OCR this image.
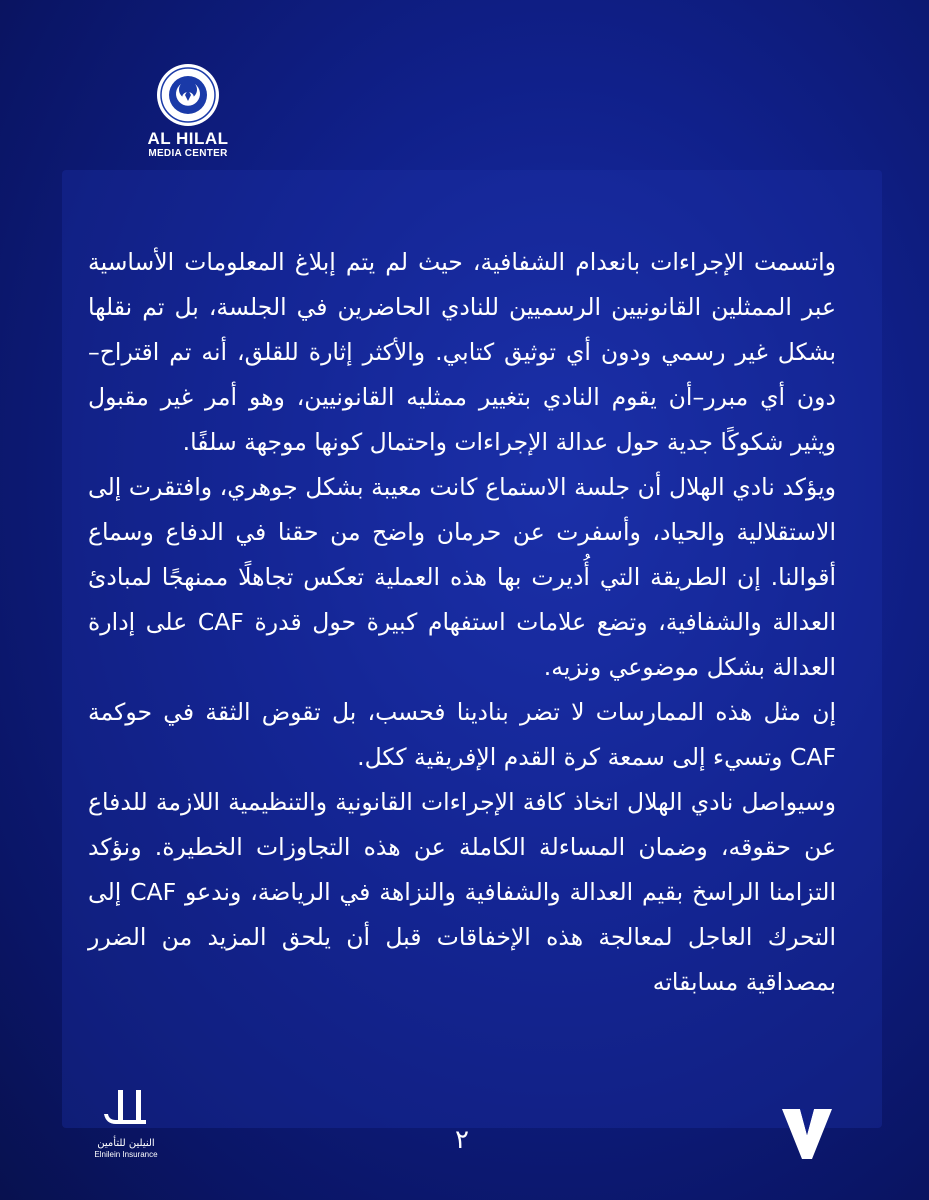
AL HILAL
MEDIA CENTER

واتسمت الإجراءات بانعدام الشفافية، حيث لم يتم إبلاغ المعلومات الأساسية عبر الممثلين القانونيين الرسميين للنادي الحاضرين في الجلسة، بل تم نقلها بشكل غير رسمي ودون أي توثيق كتابي. والأكثر إثارة للقلق، أنه تم اقتراح–دون أي مبرر–أن يقوم النادي بتغيير ممثليه القانونيين، وهو أمر غير مقبول ويثير شكوكًا جدية حول عدالة الإجراءات واحتمال كونها موجهة سلفًا.

ويؤكد نادي الهلال أن جلسة الاستماع كانت معيبة بشكل جوهري، وافتقرت إلى الاستقلالية والحياد، وأسفرت عن حرمان واضح من حقنا في الدفاع وسماع أقوالنا. إن الطريقة التي أُديرت بها هذه العملية تعكس تجاهلًا ممنهجًا لمبادئ العدالة والشفافية، وتضع علامات استفهام كبيرة حول قدرة CAF على إدارة العدالة بشكل موضوعي ونزيه.

إن مثل هذه الممارسات لا تضر بنادينا فحسب، بل تقوض الثقة في حوكمة CAF وتسيء إلى سمعة كرة القدم الإفريقية ككل.

وسيواصل نادي الهلال اتخاذ كافة الإجراءات القانونية والتنظيمية اللازمة للدفاع عن حقوقه، وضمان المساءلة الكاملة عن هذه التجاوزات الخطيرة. ونؤكد التزامنا الراسخ بقيم العدالة والشفافية والنزاهة في الرياضة، وندعو CAF إلى التحرك العاجل لمعالجة هذه الإخفاقات قبل أن يلحق المزيد من الضرر بمصداقية مسابقاته

النيلين للتأمين
Elnilein Insurance	٢
